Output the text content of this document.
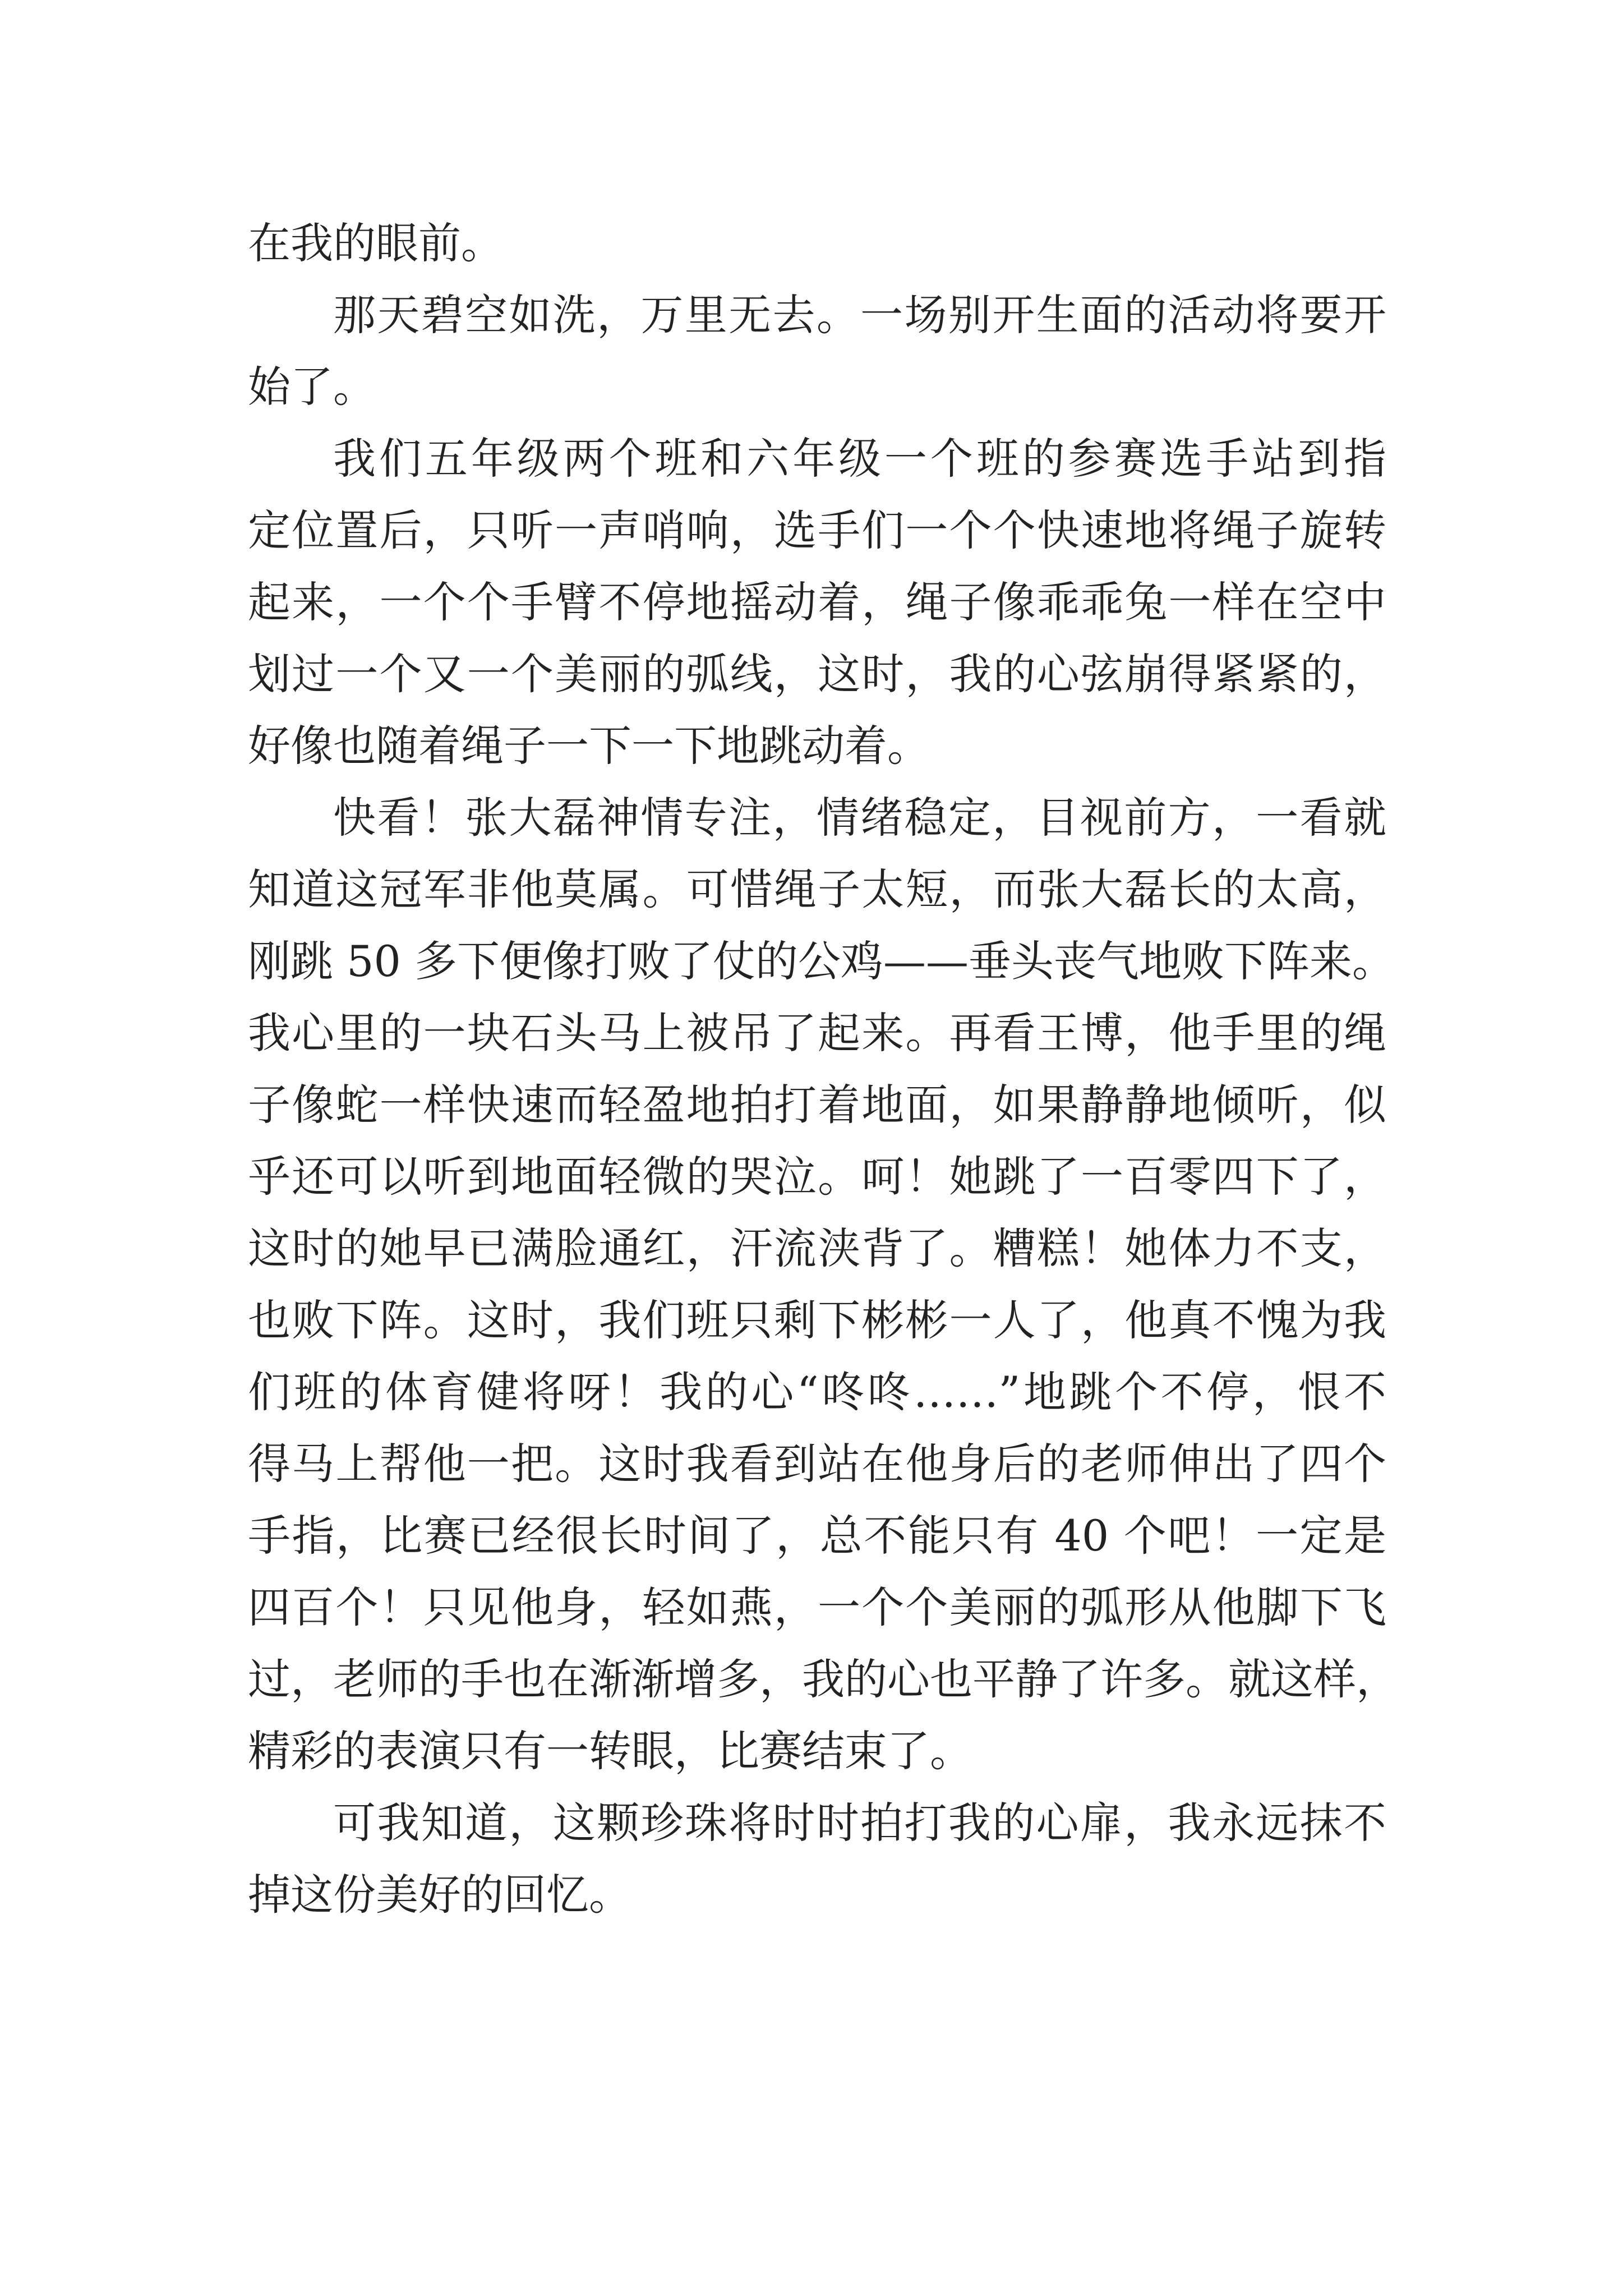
在我的眼前。
那天碧空如洗，万里无去。一场别开生面的活动将要开
始了。
我们五年级两个班和六年级一个班的参赛选手站到指
定位置后，只听一声哨响，选手们一个个快速地将绳子旋转
起来，一个个手臂不停地摇动着，绳子像乖乖兔一样在空中
划过一个又一个美丽的弧线，这时，我的心弦崩得紧紧的，
好像也随着绳子一下一下地跳动着。
快看！张大磊神情专注，情绪稳定，目视前方，一看就
知道这冠军非他莫属。可惜绳子太短，而张大磊长的太高，
刚跳 50 多下便像打败了仗的公鸡——垂头丧气地败下阵来。
我心里的一块石头马上被吊了起来。再看王博，他手里的绳
子像蛇一样快速而轻盈地拍打着地面，如果静静地倾听，似
乎还可以听到地面轻微的哭泣。呵！她跳了一百零四下了，
这时的她早已满脸通红，汗流浃背了。糟糕！她体力不支，
也败下阵。这时，我们班只剩下彬彬一人了，他真不愧为我
们班的体育健将呀！我的心“咚咚……”地跳个不停，恨不
得马上帮他一把。这时我看到站在他身后的老师伸出了四个
手指，比赛已经很长时间了，总不能只有 40 个吧！一定是
四百个！只见他身，轻如燕，一个个美丽的弧形从他脚下飞
过，老师的手也在渐渐增多，我的心也平静了许多。就这样，
精彩的表演只有一转眼，比赛结束了。
可我知道，这颗珍珠将时时拍打我的心扉，我永远抹不
掉这份美好的回忆。
